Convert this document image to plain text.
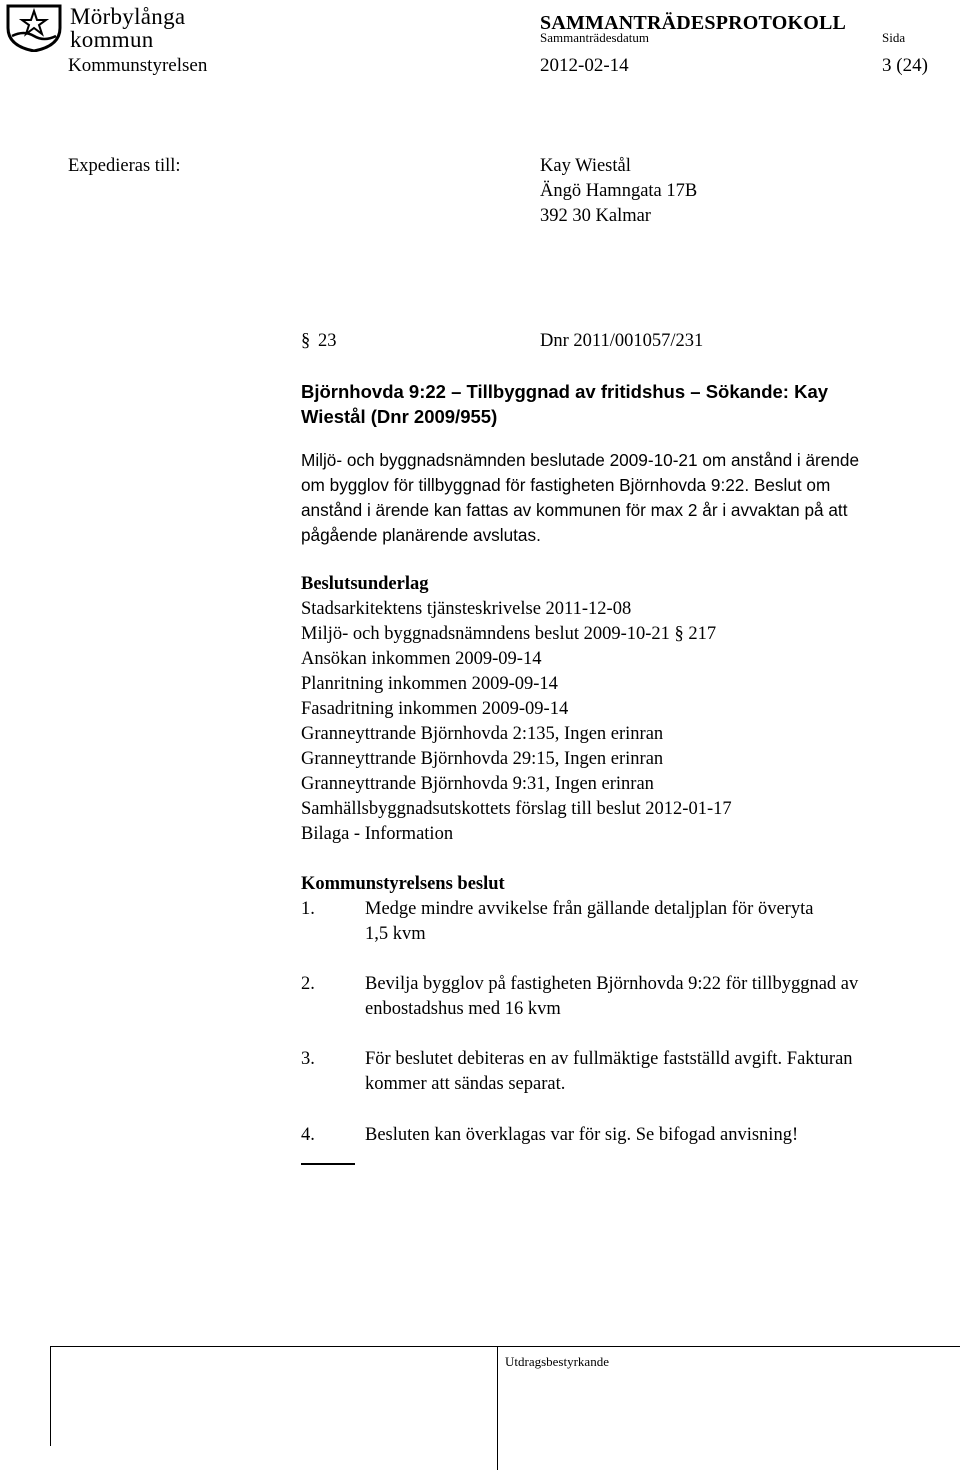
Mörbylånga
kommun
SAMMANTRÄDESPROTOKOLL
Sammanträdesdatum	Sida
Kommunstyrelsen	2012-02-14	3 (24)
Expedieras till:	Kay Wiestål
Ängö Hamngata 17B
392 30 Kalmar
§ 23	Dnr 2011/001057/231
Björnhovda 9:22 – Tillbyggnad av fritidshus – Sökande: Kay
Wiestål (Dnr 2009/955)
Miljö- och byggnadsnämnden beslutade 2009-10-21 om anstånd i ärende
om bygglov för tillbyggnad för fastigheten Björnhovda 9:22. Beslut om
anstånd i ärende kan fattas av kommunen för max 2 år i avvaktan på att
pågående planärende avslutas.
Beslutsunderlag
Stadsarkitektens tjänsteskrivelse 2011-12-08
Miljö- och byggnadsnämndens beslut 2009-10-21 § 217
Ansökan inkommen 2009-09-14
Planritning inkommen 2009-09-14
Fasadritning inkommen 2009-09-14
Granneyttrande Björnhovda 2:135, Ingen erinran
Granneyttrande Björnhovda 29:15, Ingen erinran
Granneyttrande Björnhovda 9:31, Ingen erinran
Samhällsbyggnadsutskottets förslag till beslut 2012-01-17
Bilaga - Information
Kommunstyrelsens beslut
1.	Medge mindre avvikelse från gällande detaljplan för överyta
1,5 kvm
2.	Bevilja bygglov på fastigheten Björnhovda 9:22 för tillbyggnad av
enbostadshus med 16 kvm
3.	För beslutet debiteras en av fullmäktige fastställd avgift. Fakturan
kommer att sändas separat.
4.	Besluten kan överklagas var för sig. Se bifogad anvisning!
Utdragsbestyrkande
